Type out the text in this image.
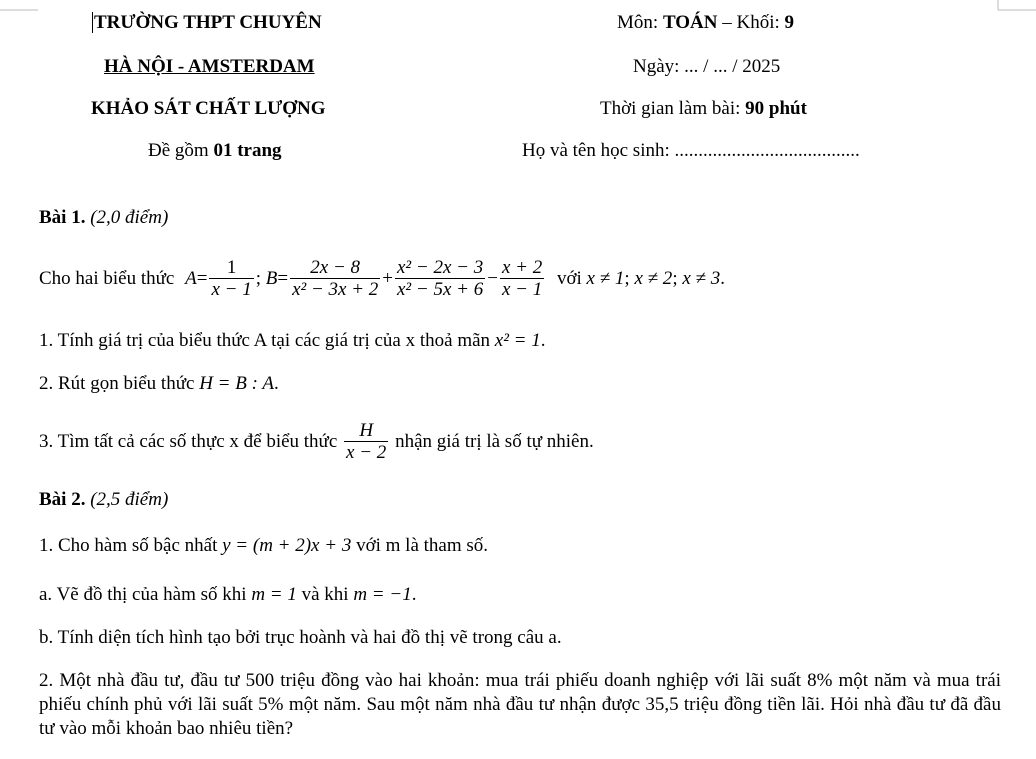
TRƯỜNG THPT CHUYÊN
HÀ NỘI - AMSTERDAM
KHẢO SÁT CHẤT LƯỢNG
Đề gồm 01 trang
Môn: TOÁN – Khối: 9
Ngày: ... / ... / 2025
Thời gian làm bài: 90 phút
Họ và tên học sinh: .......................................
Bài 1. (2,0 điểm)
Cho hai biểu thức $A= \frac{1}{x - 1}$ ; $B= \frac{2x - 8}{\text{x² − 3x + 2}} + \frac{\text{x² − 2x − 3}}{\text{x² − 5x + 6}} - \frac{x + 2}{x - 1}$ với x ≠ 1; x ≠ 2; x ≠ 3.
1. Tính giá trị của biểu thức A tại các giá trị của x thoả mãn x² = 1.
2. Rút gọn biểu thức H = B : A.
3. Tìm tất cả các số thực x để biểu thức $\frac{H}{x - 2}$ nhận giá trị là số tự nhiên.
Bài 2. (2,5 điểm)
1. Cho hàm số bậc nhất y = (m + 2)x + 3 với m là tham số.
a. Vẽ đồ thị của hàm số khi m = 1 và khi m = −1.
b. Tính diện tích hình tạo bởi trục hoành và hai đồ thị vẽ trong câu a.
2. Một nhà đầu tư, đầu tư 500 triệu đồng vào hai khoản: mua trái phiếu doanh nghiệp với lãi suất 8% một năm và mua trái phiếu chính phủ với lãi suất 5% một năm. Sau một năm nhà đầu tư nhận được 35,5 triệu đồng tiền lãi. Hỏi nhà đầu tư đã đầu tư vào mỗi khoản bao nhiêu tiền?
